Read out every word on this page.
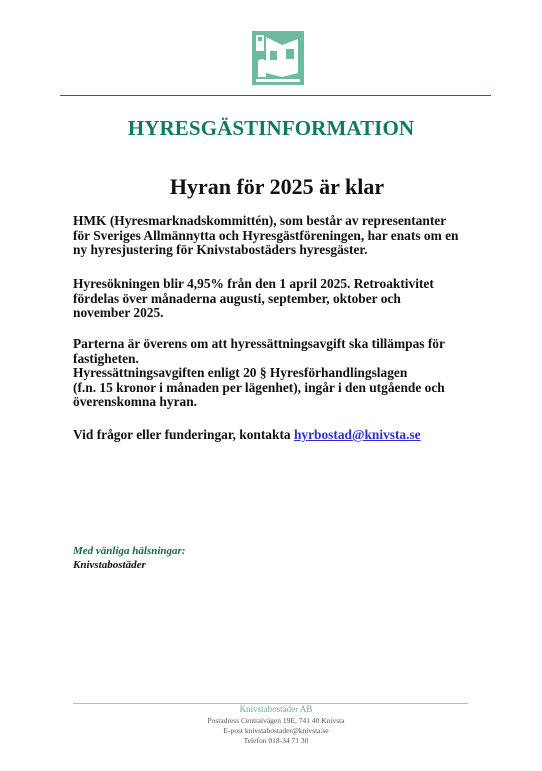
HYRESGÄSTINFORMATION
Hyran för 2025 är klar
HMK (Hyresmarknadskommittén), som består av representanter
för Sveriges Allmännytta och Hyresgästföreningen, har enats om en
ny hyresjustering för Knivstabostäders hyresgäster.
Hyresökningen blir 4,95% från den 1 april 2025. Retroaktivitet
fördelas över månaderna augusti, september, oktober och
november 2025.
Parterna är överens om att hyressättningsavgift ska tillämpas för
fastigheten.
Hyressättningsavgiften enligt 20 § Hyresförhandlingslagen
(f.n. 15 kronor i månaden per lägenhet), ingår i den utgående och
överenskomna hyran.
Vid frågor eller funderingar, kontakta hyrbostad@knivsta.se
Med vänliga hälsningar:
Knivstabostäder
Knivstabostäder AB
Postadress Centralvägen 19E, 741 40 Knivsta
E-post knivstabostader@knivsta.se
Telefon 018-34 71 30
